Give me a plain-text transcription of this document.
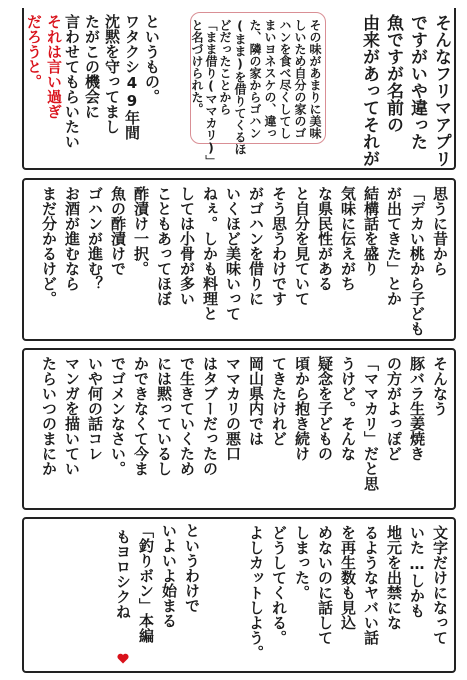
そんなフリマアプリ
ですがいや違った
魚ですが名前の
由来があってそれが
その味があまりに美味
しいため自分の家のゴ
ハンを食べ尽くしてし
まいヨネスケの、違っ
た、隣の家からゴハン
(まま)を借りてくるほ
どだったことから
「まま借り(ママカリ)」
と名づけられた。
というもの。
ワタクシ49年間
沈黙を守ってまし
たがこの機会に
言わせてもらいたい
それは言い過ぎ
だろうと。
思うに昔から
「デカい桃から子ども
が出てきた」とか
結構話を盛り
気味に伝えがち
な県民性がある
と自分を見ていて
そう思うわけです
がゴハンを借りに
いくほど美味いって
ねぇ。しかも料理と
しては小骨が多い
こともあってほぼ
酢漬け一択。
魚の酢漬けで
ゴハンが進む？
お酒が進むなら
まだ分かるけど。
そんなう
豚バラ生姜焼き
の方がよっぽど
「ママカリ」だと思
うけど。そんな
疑念を子どもの
頃から抱き続け
てきたけれど
岡山県内では
ママカリの悪口
はタブーだったの
で生きていくため
には黙っているし
かできなくて今ま
でゴメンなさい。
いや何の話コレ
マンガを描いてい
たらいつのまにか
文字だけになって
いた…しかも
地元を出禁にな
るようなヤバい話
を再生数も見込
めないのに話して
しまった。
どうしてくれる。
よしカットしよう。
というわけで
いよいよ始まる
「釣りボン」本編
もヨロシクね
